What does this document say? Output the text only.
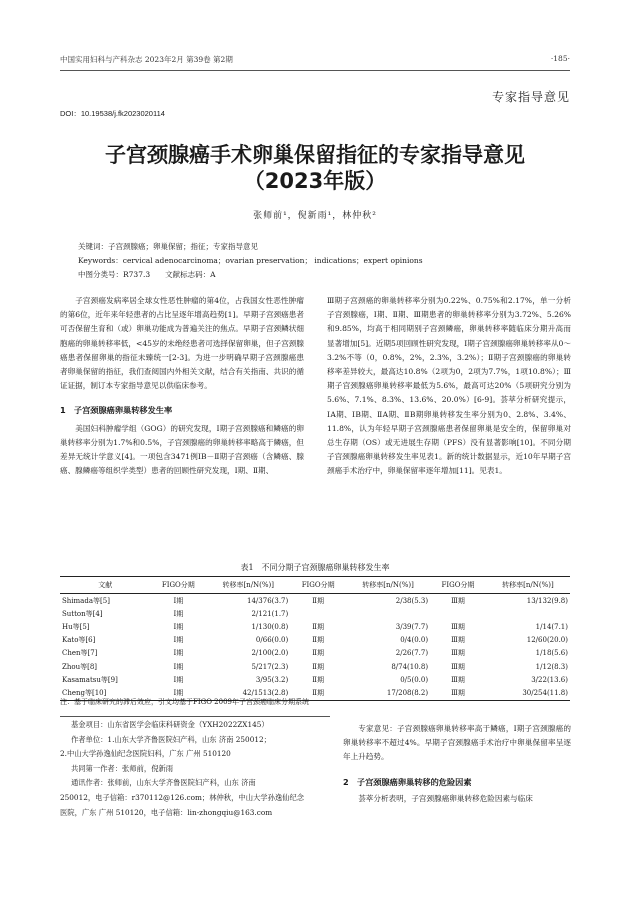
中国实用妇科与产科杂志 2023年2月 第39卷 第2期	·185·
专家指导意见
DOI：10.19538/j.fk2023020114
子宫颈腺癌手术卵巢保留指征的专家指导意见
（2023年版）
张师前¹，倪新雨¹，林仲秋²
关键词：子宫颈腺癌；卵巢保留；指征；专家指导意见
Keywords：cervical adenocarcinoma；ovarian preservation； indications；expert opinions
中图分类号：R737.3　　文献标志码：A

子宫颈癌发病率居全球女性恶性肿瘤的第4位，占我国女性恶性肿瘤的第6位，近年来年轻患者的占比呈逐年增高趋势[1]。早期子宫颈癌患者可否保留生育和（或）卵巢功能成为普遍关注的焦点。早期子宫颈鳞状细胞癌的卵巢转移率低，<45岁的未绝经患者可选择保留卵巢，但子宫颈腺癌患者保留卵巢的指征未臻统一[2-3]。为进一步明确早期子宫颈腺癌患者卵巢保留的指征，我们查阅国内外相关文献，结合有关指南、共识的循证证据，制订本专家指导意见以供临床参考。

1　子宫颈腺癌卵巢转移发生率

美国妇科肿瘤学组（GOG）的研究发现，Ⅰ期子宫颈腺癌和鳞癌的卵巢转移率分别为1.7%和0.5%，子宫颈腺癌的卵巢转移率略高于鳞癌，但差异无统计学意义[4]。一项包含3471例ⅠB－Ⅱ期子宫颈癌（含鳞癌、腺癌、腺鳞癌等组织学类型）患者的回顾性研究发现，Ⅰ期、Ⅱ期、

Ⅲ期子宫颈癌的卵巢转移率分别为0.22%、0.75%和2.17%，单一分析子宫颈腺癌，Ⅰ期、Ⅱ期、Ⅲ期患者的卵巢转移率分别为3.72%、5.26%和9.85%，均高于相同期别子宫颈鳞癌，卵巢转移率随临床分期升高而显著增加[5]。近期5项回顾性研究发现，Ⅰ期子宫颈腺癌卵巢转移率从0～3.2%不等（0，0.8%，2%，2.3%，3.2%）；Ⅱ期子宫颈腺癌的卵巢转移率差异较大，最高达10.8%（2项为0，2项为7.7%，1项10.8%）；Ⅲ期子宫颈腺癌卵巢转移率最低为5.6%，最高可达20%（5项研究分别为5.6%、7.1%、8.3%、13.6%、20.0%）[6-9]。荟萃分析研究提示，ⅠA期、ⅠB期、ⅡA期、ⅡB期卵巢转移发生率分别为0、2.8%、3.4%、11.8%，认为年轻早期子宫颈腺癌患者保留卵巢是安全的，保留卵巢对总生存期（OS）或无进展生存期（PFS）没有显著影响[10]。不同分期子宫颈腺癌卵巢转移发生率见表1。新的统计数据显示，近10年早期子宫颈癌手术治疗中，卵巢保留率逐年增加[11]。见表1。

表1　不同分期子宫颈腺癌卵巢转移发生率
文献	FIGO分期	转移率[n/N(%)]	FIGO分期	转移率[n/N(%)]	FIGO分期	转移率[n/N(%)]
Shimada等[5]	Ⅰ期	14/376(3.7)	Ⅱ期	2/38(5.3)	Ⅲ期	13/132(9.8)
Sutton等[4]	Ⅰ期	2/121(1.7)				
Hu等[5]	Ⅰ期	1/130(0.8)	Ⅱ期	3/39(7.7)	Ⅲ期	1/14(7.1)
Kato等[6]	Ⅰ期	0/66(0.0)	Ⅱ期	0/4(0.0)	Ⅲ期	12/60(20.0)
Chen等[7]	Ⅰ期	2/100(2.0)	Ⅱ期	2/26(7.7)	Ⅲ期	1/18(5.6)
Zhou等[8]	Ⅰ期	5/217(2.3)	Ⅱ期	8/74(10.8)	Ⅲ期	1/12(8.3)
Kasamatsu等[9]	Ⅰ期	3/95(3.2)	Ⅱ期	0/5(0.0)	Ⅲ期	3/22(13.6)
Cheng等[10]	Ⅰ期	42/1513(2.8)	Ⅱ期	17/208(8.2)	Ⅲ期	30/254(11.8)
注：基于临床研究的滞后效应，引文均基于FIGO 2009年子宫颈癌临床分期系统

基金项目：山东省医学会临床科研资金（YXH2022ZX145）

作者单位：1.山东大学齐鲁医院妇产科，山东 济南 250012；

2.中山大学孙逸仙纪念医院妇科，广东 广州 510120

共同第一作者：张师前，倪新雨

通讯作者：张师前，山东大学齐鲁医院妇产科，山东 济南

250012，电子信箱：r370112@126.com；林仲秋，中山大学孙逸仙纪念

医院，广东 广州 510120，电子信箱：lin-zhongqiu@163.com

专家意见：子宫颈腺癌卵巢转移率高于鳞癌，Ⅰ期子宫颈腺癌的卵巢转移率不超过4%。早期子宫颈腺癌手术治疗中卵巢保留率呈逐年上升趋势。

2　子宫颈腺癌卵巢转移的危险因素

荟萃分析表明，子宫颈腺癌卵巢转移危险因素与临床
